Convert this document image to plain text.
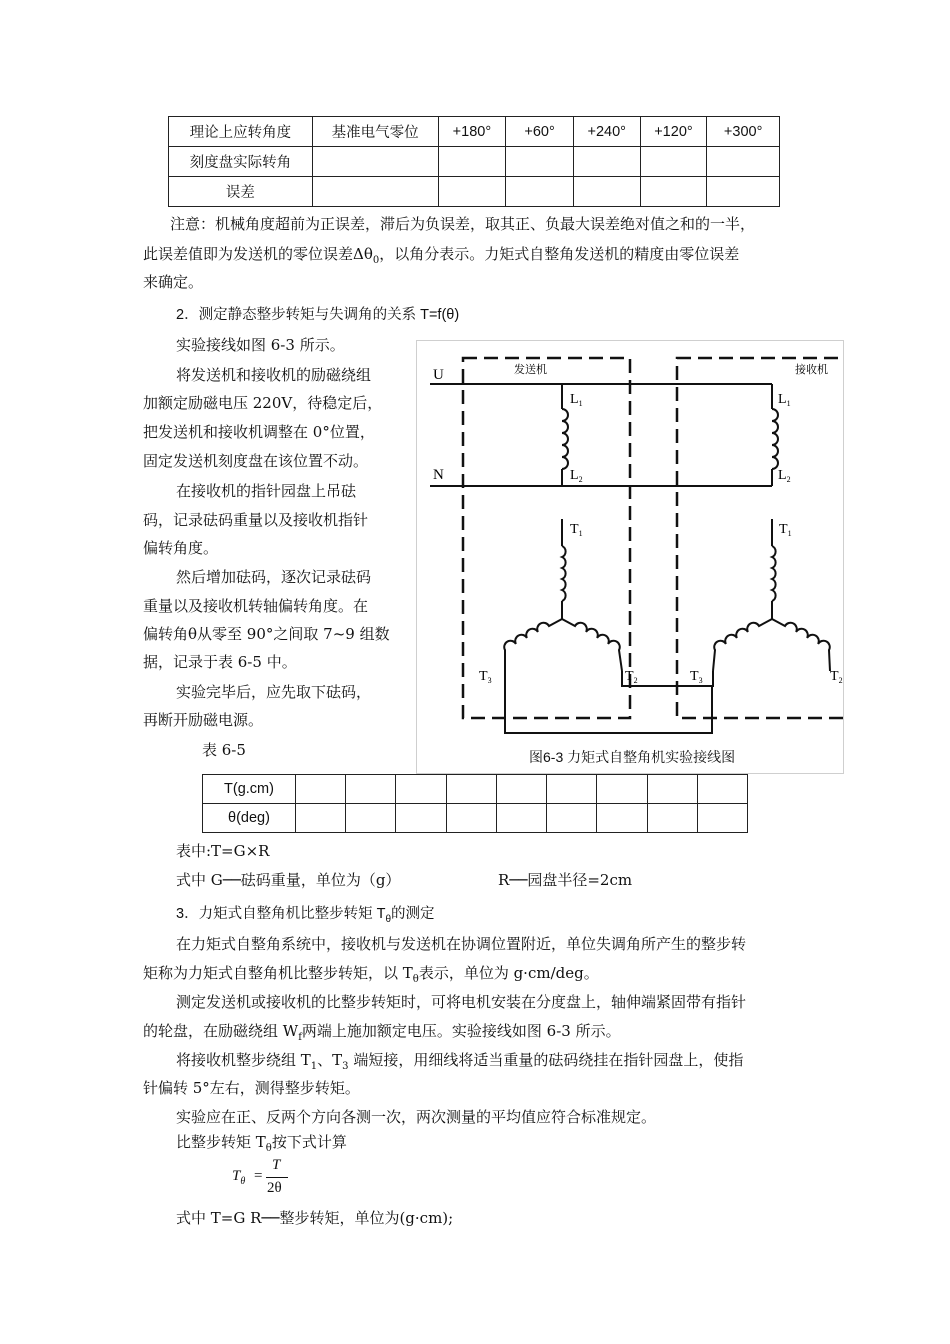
理论上应转角度	基准电气零位	+180°	+60°	+240°	+120°	+300°
刻度盘实际转角						
误差						
注意：机械角度超前为正误差，滞后为负误差，取其正、负最大误差绝对值之和的一半，
此误差值即为发送机的零位误差$\Delta\theta_0$，以角分表示。力矩式自整角发送机的精度由零位误差
来确定。
2．测定静态整步转矩与失调角的关系 T=f(θ)
实验接线如图 6-3 所示。
将发送机和接收机的励磁绕组
加额定励磁电压 220V，待稳定后，
把发送机和接收机调整在 0°位置，
固定发送机刻度盘在该位置不动。
在接收机的指针园盘上吊砝
码，记录砝码重量以及接收机指针
偏转角度。
然后增加砝码，逐次记录砝码
重量以及接收机转轴偏转角度。在
偏转角θ从零至 90°之间取 7~9 组数
据，记录于表 6-5 中。
实验完毕后，应先取下砝码，
再断开励磁电源。
表 6-5
发送机	接收机
U
N
$L_1$
$L_2$
$L_1$
$L_2$
$T_1$
$T_3$	$T_2$
$T_1$
$T_3$	$T_2$
图6-3 力矩式自整角机实验接线图
T(g.cm)									
θ(deg)									
表中:T=G×R
式中 G──砝码重量，单位为（g）	R──园盘半径=2cm
3．力矩式自整角机比整步转矩 $T_\theta$的测定
在力矩式自整角系统中，接收机与发送机在协调位置附近，单位失调角所产生的整步转
矩称为力矩式自整角机比整步转矩，以 $T_\theta$表示，单位为 g·cm/deg。
测定发送机或接收机的比整步转矩时，可将电机安装在分度盘上，轴伸端紧固带有指针
的轮盘，在励磁绕组 $W_f$两端上施加额定电压。实验接线如图 6-3 所示。
将接收机整步绕组 $T_1$、$T_3$ 端短接，用细线将适当重量的砝码绕挂在指针园盘上，使指
针偏转 5°左右，测得整步转矩。
实验应在正、反两个方向各测一次，两次测量的平均值应符合标准规定。
比整步转矩 $T_\theta$按下式计算
$T_\theta$ =
T
2θ
式中 T=G R──整步转矩，单位为(g·cm);
